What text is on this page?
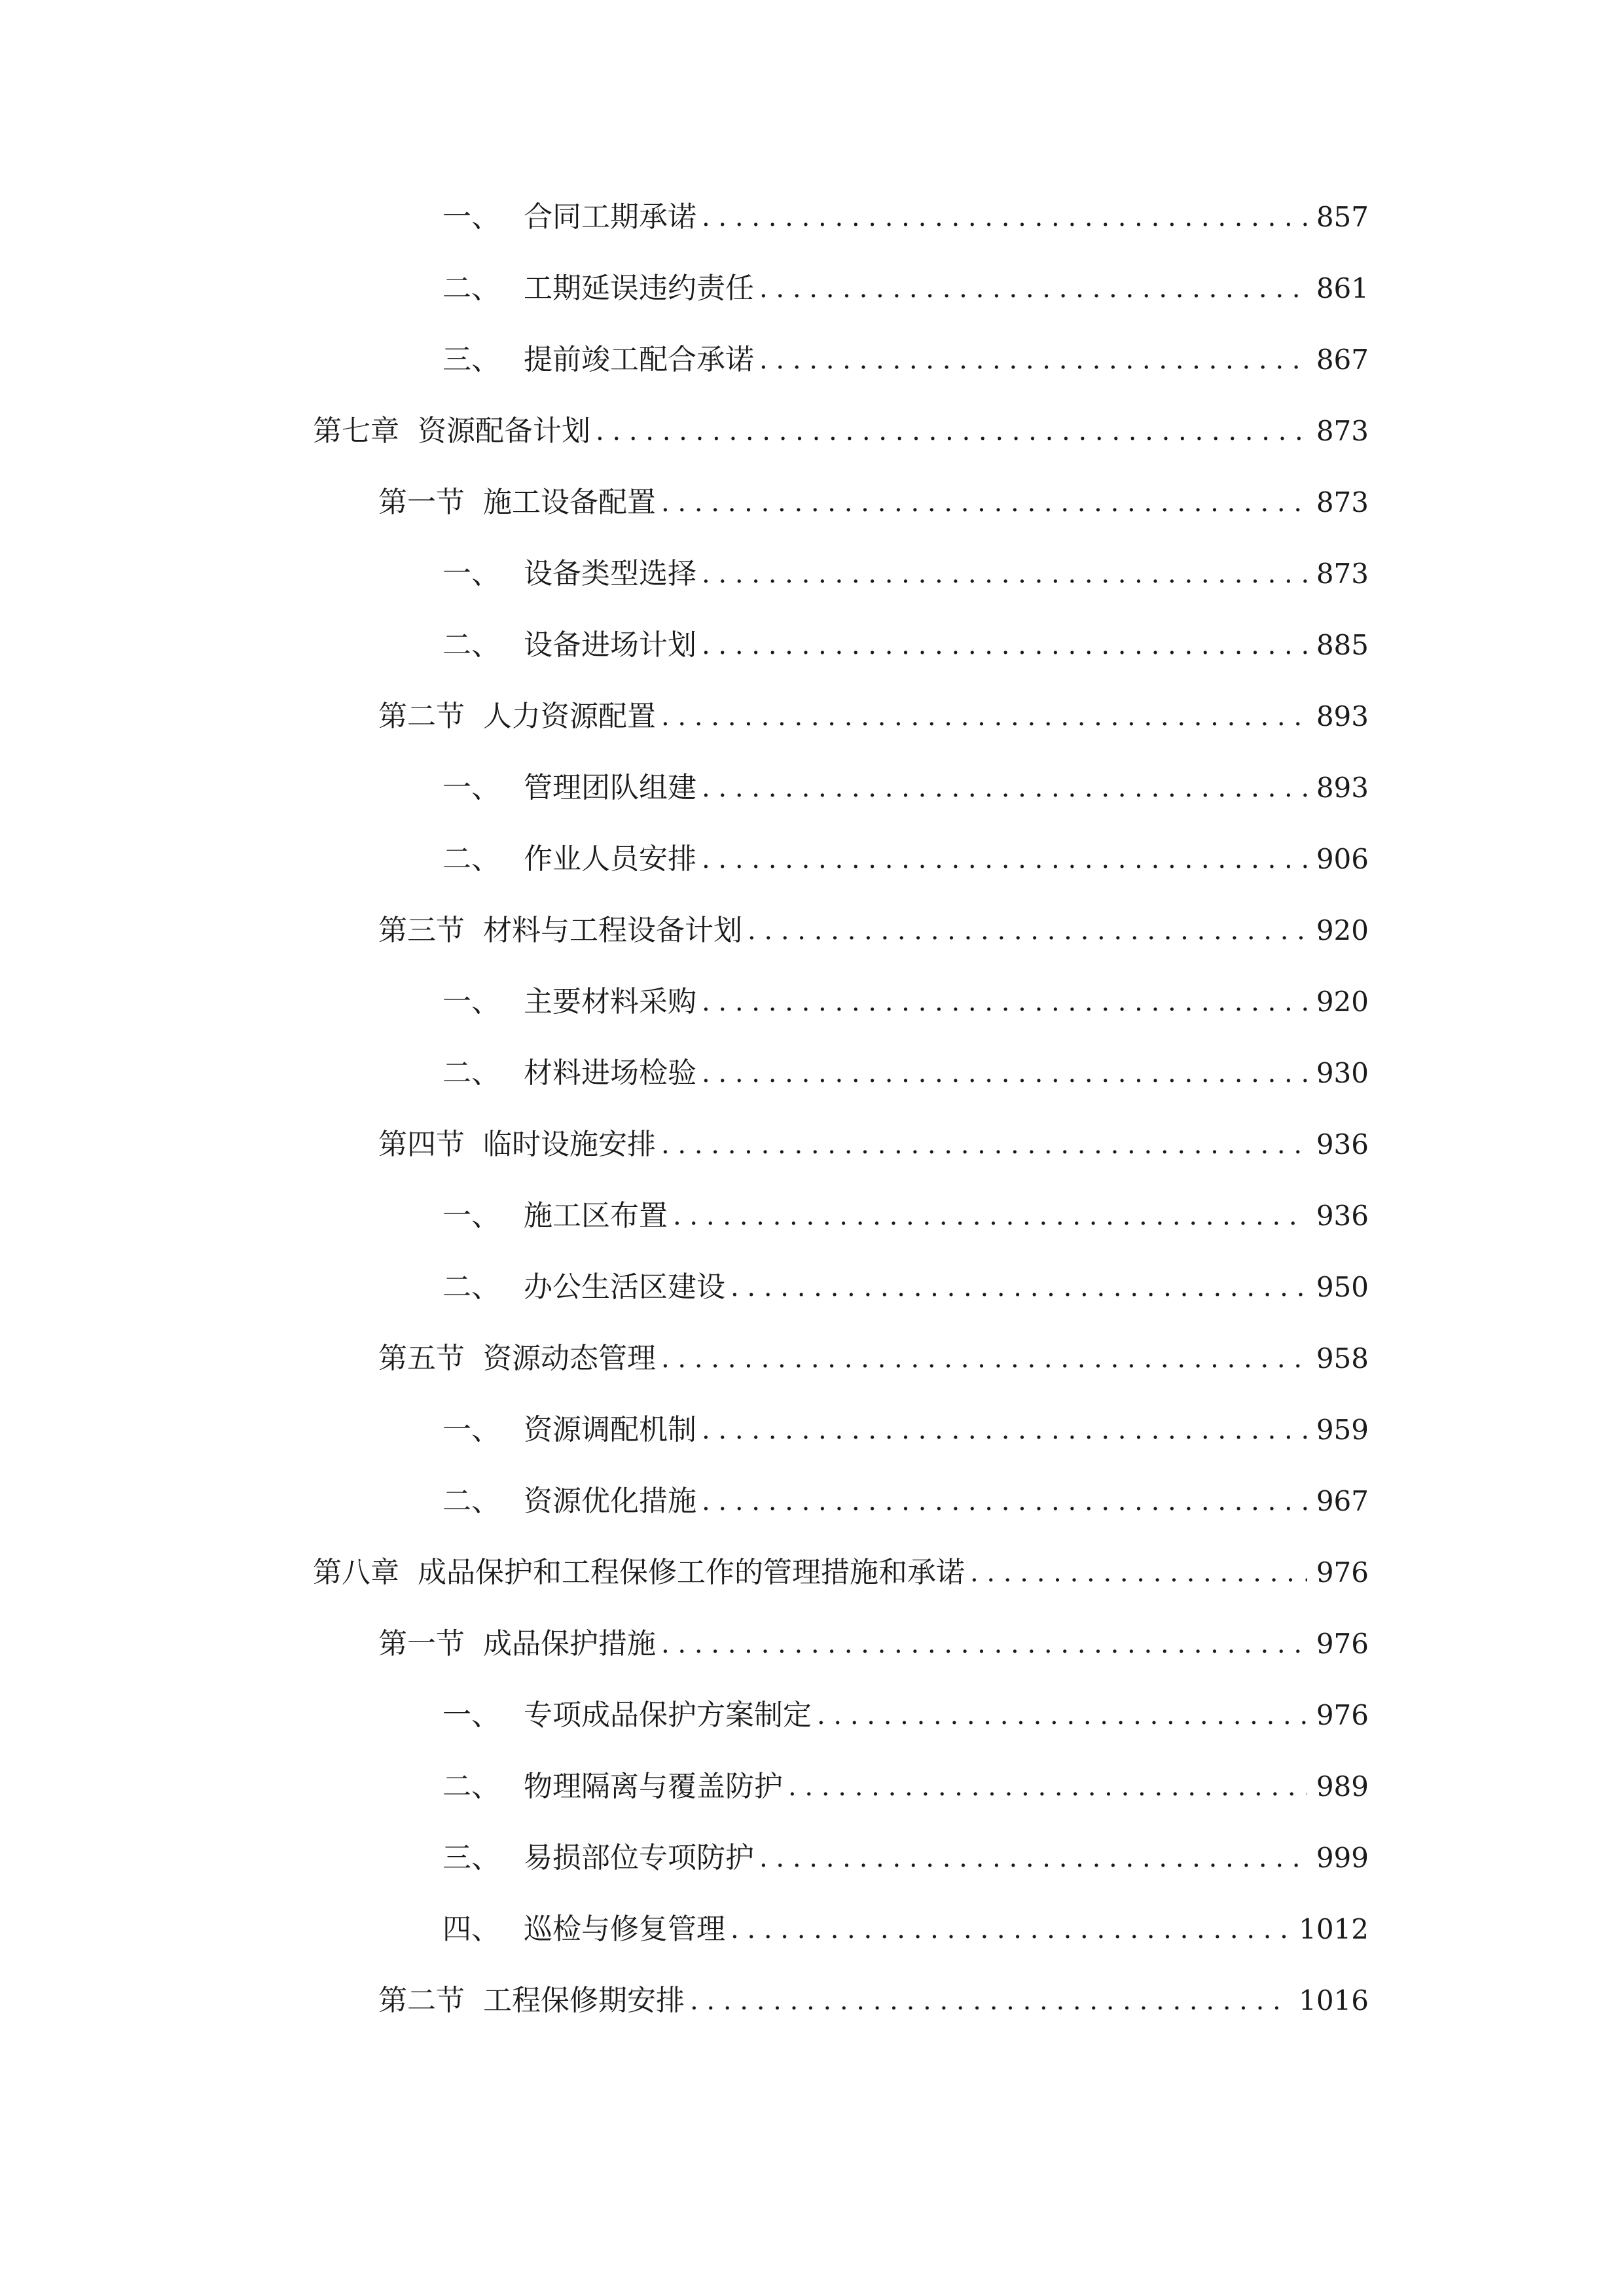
一、 合同工期承诺 . . .	857
二、 工期延误违约责任 . . .	861
三、 提前竣工配合承诺 . . .	867
第七章 资源配备计划 . . .	873
第一节 施工设备配置 . . .	873
一、 设备类型选择 . . .	873
二、 设备进场计划 . . .	885
第二节 人力资源配置 . . .	893
一、 管理团队组建 . . .	893
二、 作业人员安排 . . .	906
第三节 材料与工程设备计划 . . .	920
一、 主要材料采购 . . .	920
二、 材料进场检验 . . .	930
第四节 临时设施安排 . . .	936
一、 施工区布置 . . .	936
二、 办公生活区建设 . . .	950
第五节 资源动态管理 . . .	958
一、 资源调配机制 . . .	959
二、 资源优化措施 . . .	967
第八章 成品保护和工程保修工作的管理措施和承诺 . . .	976
第一节 成品保护措施 . . .	976
一、 专项成品保护方案制定 . . .	976
二、 物理隔离与覆盖防护 . . .	989
三、 易损部位专项防护 . . .	999
四、 巡检与修复管理 . . .	1012
第二节 工程保修期安排 . . .	1016
